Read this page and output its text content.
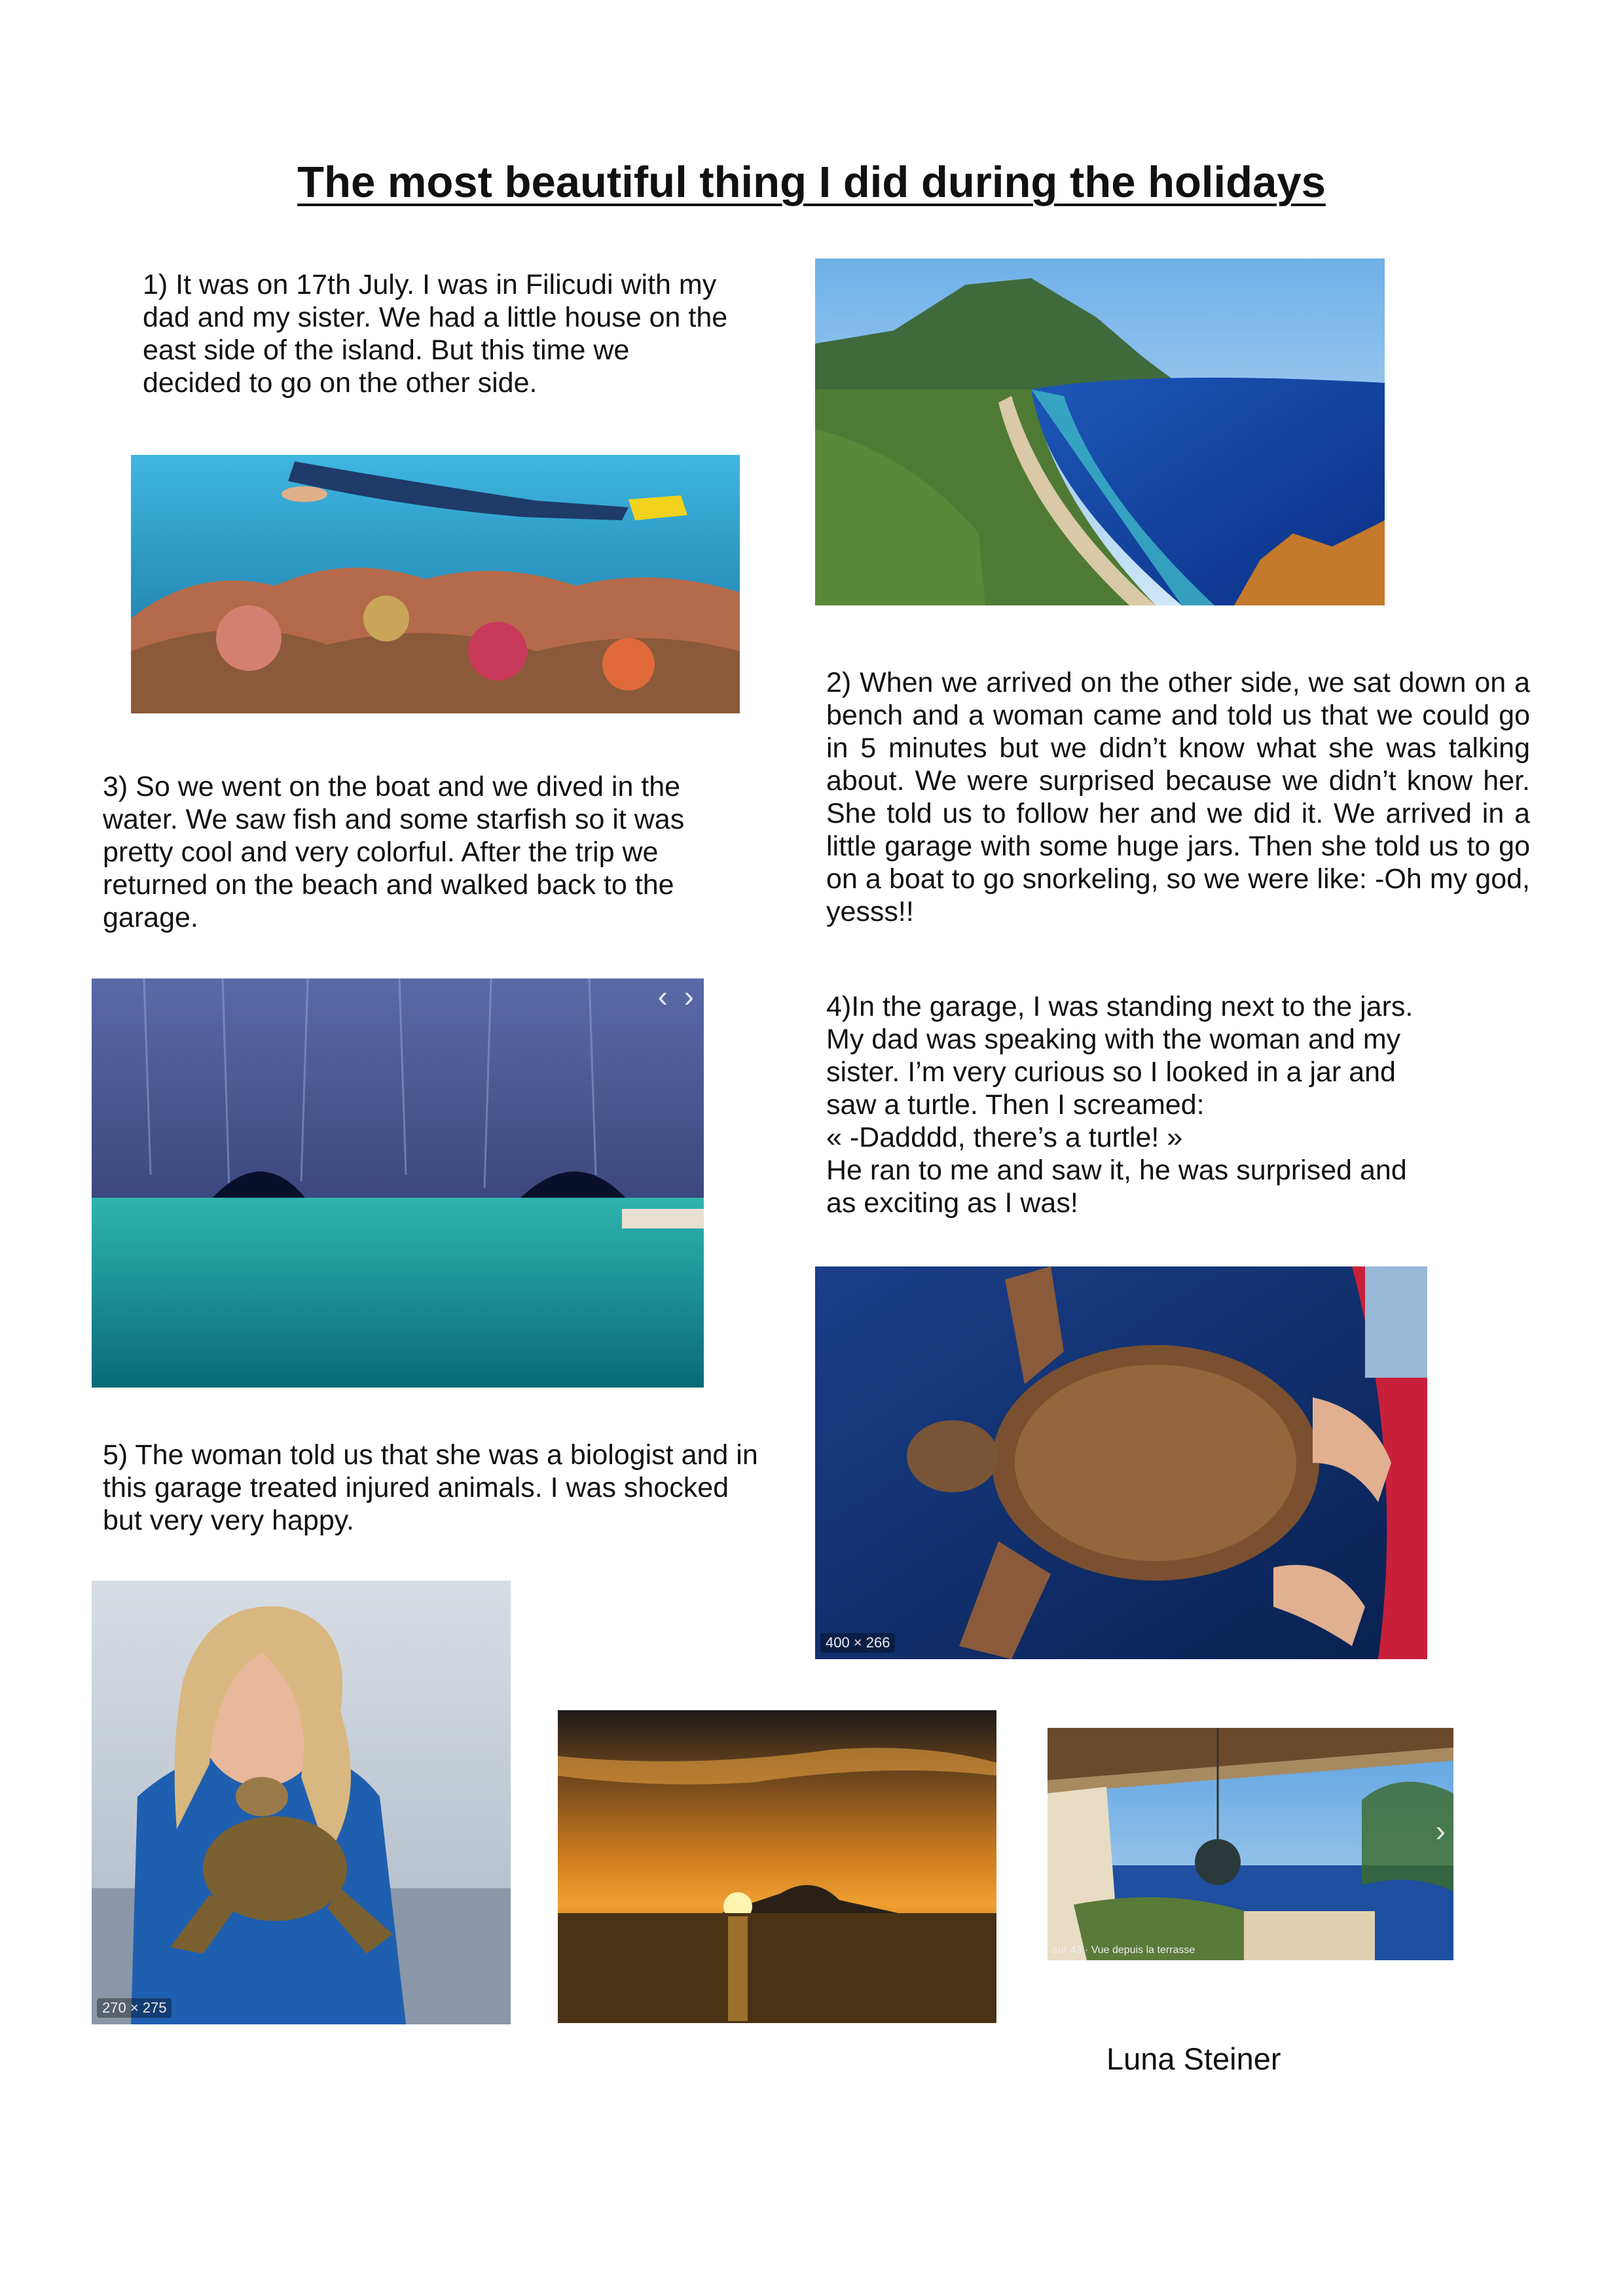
The most beautiful thing I did during the holidays

1) It was on 17th July. I was in Filicudi with my dad and my sister. We had a little house on the east side of the island. But this time we decided to go on the other side.

2) When we arrived on the other side, we sat down on a bench and a woman came and told us that we could go in 5 minutes but we didn’t know what she was talking about. We were surprised because we didn’t know her. She told us to follow her and we did it. We arrived in a little garage with some huge jars. Then she told us to go on a boat to go snorkeling, so we were like: -Oh my god, yesss!!

3) So we went on the boat and we dived in the water. We saw fish and some starfish so it was pretty cool and very colorful. After the trip we returned on the beach and walked back to the garage.

‹ ›	4)In the garage, I was standing next to the jars.
My dad was speaking with the woman and my
sister. I’m very curious so I looked in a jar and
saw a turtle. Then I screamed:
« -Dadddd, there’s a turtle! »
He ran to me and saw it, he was surprised and
as exciting as I was!
400 × 266

5) The woman told us that she was a biologist and in this garage treated injured animals. I was shocked but very very happy.

270 × 275
›
sur 43 · Vue depuis la terrasse
Luna Steiner
